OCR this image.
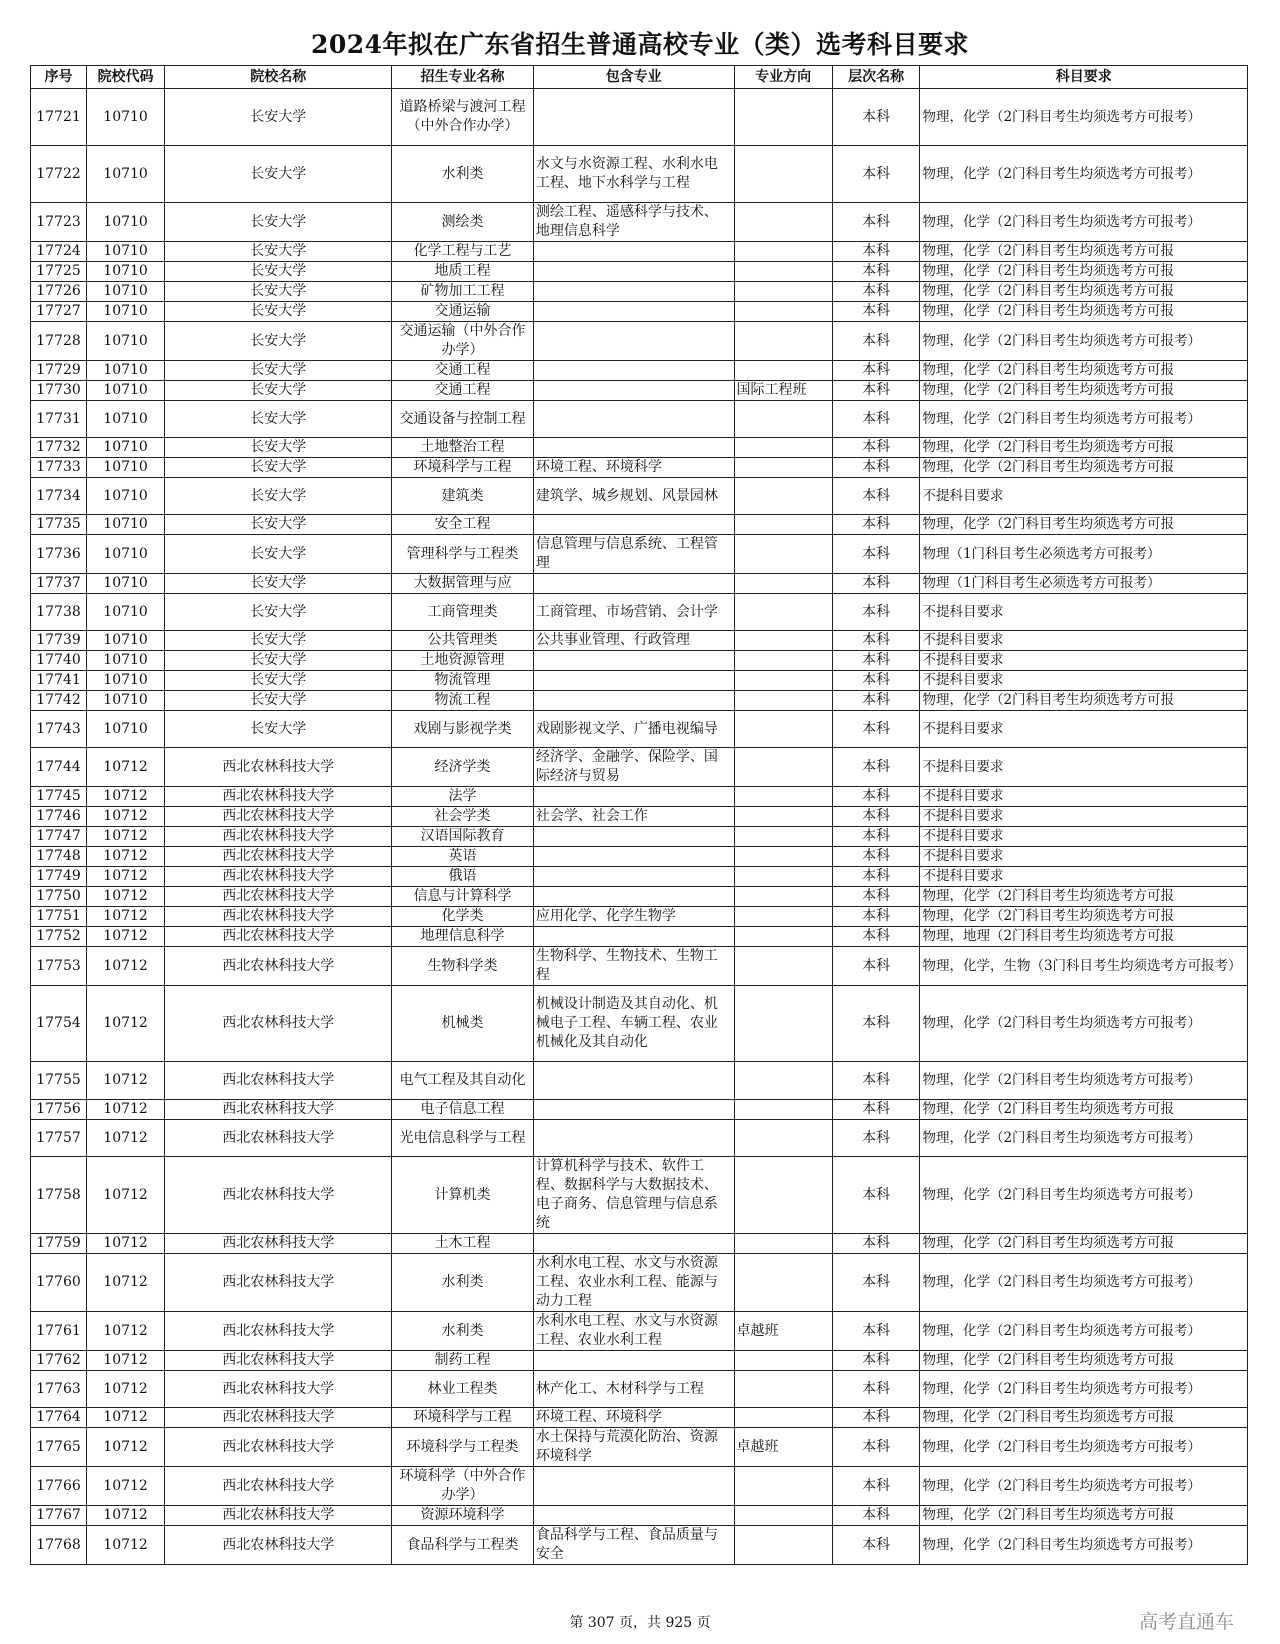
2024年拟在广东省招生普通高校专业（类）选考科目要求
序号	院校代码	院校名称	招生专业名称	包含专业	专业方向	层次名称	科目要求
17721	10710	长安大学	道路桥梁与渡河工程（中外合作办学）			本科	物理，化学（2门科目考生均须选考方可报考）
17722	10710	长安大学	水利类	水文与水资源工程、水利水电工程、地下水科学与工程		本科	物理，化学（2门科目考生均须选考方可报考）
17723	10710	长安大学	测绘类	测绘工程、遥感科学与技术、地理信息科学		本科	物理，化学（2门科目考生均须选考方可报考）
17724	10710	长安大学	化学工程与工艺			本科	物理，化学（2门科目考生均须选考方可报
17725	10710	长安大学	地质工程			本科	物理，化学（2门科目考生均须选考方可报
17726	10710	长安大学	矿物加工工程			本科	物理，化学（2门科目考生均须选考方可报
17727	10710	长安大学	交通运输			本科	物理，化学（2门科目考生均须选考方可报
17728	10710	长安大学	交通运输（中外合作办学）			本科	物理，化学（2门科目考生均须选考方可报考）
17729	10710	长安大学	交通工程			本科	物理，化学（2门科目考生均须选考方可报
17730	10710	长安大学	交通工程		国际工程班	本科	物理，化学（2门科目考生均须选考方可报
17731	10710	长安大学	交通设备与控制工程			本科	物理，化学（2门科目考生均须选考方可报考）
17732	10710	长安大学	土地整治工程			本科	物理，化学（2门科目考生均须选考方可报
17733	10710	长安大学	环境科学与工程	环境工程、环境科学		本科	物理，化学（2门科目考生均须选考方可报
17734	10710	长安大学	建筑类	建筑学、城乡规划、风景园林		本科	不提科目要求
17735	10710	长安大学	安全工程			本科	物理，化学（2门科目考生均须选考方可报
17736	10710	长安大学	管理科学与工程类	信息管理与信息系统、工程管理		本科	物理（1门科目考生必须选考方可报考）
17737	10710	长安大学	大数据管理与应			本科	物理（1门科目考生必须选考方可报考）
17738	10710	长安大学	工商管理类	工商管理、市场营销、会计学		本科	不提科目要求
17739	10710	长安大学	公共管理类	公共事业管理、行政管理		本科	不提科目要求
17740	10710	长安大学	土地资源管理			本科	不提科目要求
17741	10710	长安大学	物流管理			本科	不提科目要求
17742	10710	长安大学	物流工程			本科	物理，化学（2门科目考生均须选考方可报
17743	10710	长安大学	戏剧与影视学类	戏剧影视文学、广播电视编导		本科	不提科目要求
17744	10712	西北农林科技大学	经济学类	经济学、金融学、保险学、国际经济与贸易		本科	不提科目要求
17745	10712	西北农林科技大学	法学			本科	不提科目要求
17746	10712	西北农林科技大学	社会学类	社会学、社会工作		本科	不提科目要求
17747	10712	西北农林科技大学	汉语国际教育			本科	不提科目要求
17748	10712	西北农林科技大学	英语			本科	不提科目要求
17749	10712	西北农林科技大学	俄语			本科	不提科目要求
17750	10712	西北农林科技大学	信息与计算科学			本科	物理，化学（2门科目考生均须选考方可报
17751	10712	西北农林科技大学	化学类	应用化学、化学生物学		本科	物理，化学（2门科目考生均须选考方可报
17752	10712	西北农林科技大学	地理信息科学			本科	物理，地理（2门科目考生均须选考方可报
17753	10712	西北农林科技大学	生物科学类	生物科学、生物技术、生物工程		本科	物理，化学，生物（3门科目考生均须选考方可报考）
17754	10712	西北农林科技大学	机械类	机械设计制造及其自动化、机械电子工程、车辆工程、农业机械化及其自动化		本科	物理，化学（2门科目考生均须选考方可报考）
17755	10712	西北农林科技大学	电气工程及其自动化			本科	物理，化学（2门科目考生均须选考方可报考）
17756	10712	西北农林科技大学	电子信息工程			本科	物理，化学（2门科目考生均须选考方可报
17757	10712	西北农林科技大学	光电信息科学与工程			本科	物理，化学（2门科目考生均须选考方可报考）
17758	10712	西北农林科技大学	计算机类	计算机科学与技术、软件工程、数据科学与大数据技术、电子商务、信息管理与信息系统		本科	物理，化学（2门科目考生均须选考方可报考）
17759	10712	西北农林科技大学	土木工程			本科	物理，化学（2门科目考生均须选考方可报
17760	10712	西北农林科技大学	水利类	水利水电工程、水文与水资源工程、农业水利工程、能源与动力工程		本科	物理，化学（2门科目考生均须选考方可报考）
17761	10712	西北农林科技大学	水利类	水利水电工程、水文与水资源工程、农业水利工程	卓越班	本科	物理，化学（2门科目考生均须选考方可报考）
17762	10712	西北农林科技大学	制药工程			本科	物理，化学（2门科目考生均须选考方可报
17763	10712	西北农林科技大学	林业工程类	林产化工、木材科学与工程		本科	物理，化学（2门科目考生均须选考方可报考）
17764	10712	西北农林科技大学	环境科学与工程	环境工程、环境科学		本科	物理，化学（2门科目考生均须选考方可报
17765	10712	西北农林科技大学	环境科学与工程类	水土保持与荒漠化防治、资源环境科学	卓越班	本科	物理，化学（2门科目考生均须选考方可报考）
17766	10712	西北农林科技大学	环境科学（中外合作办学）			本科	物理，化学（2门科目考生均须选考方可报考）
17767	10712	西北农林科技大学	资源环境科学			本科	物理，化学（2门科目考生均须选考方可报
17768	10712	西北农林科技大学	食品科学与工程类	食品科学与工程、食品质量与安全		本科	物理，化学（2门科目考生均须选考方可报考）
第 307 页，共 925 页	高考直通车
